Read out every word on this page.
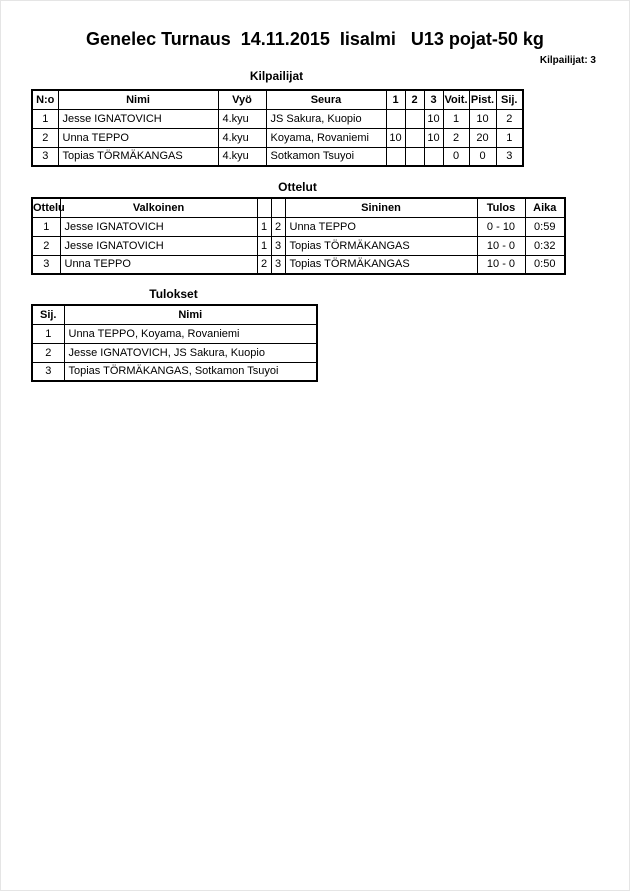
Genelec Turnaus  14.11.2015  Iisalmi   U13 pojat-50 kg
Kilpailijat: 3
Kilpailijat
N:o	Nimi	Vyö	Seura	1	2	3	Voit.	Pist.	Sij.
1	Jesse IGNATOVICH	4.kyu	JS Sakura, Kuopio			10	1	10	2
2	Unna TEPPO	4.kyu	Koyama, Rovaniemi	10		10	2	20	1
3	Topias TÖRMÄKANGAS	4.kyu	Sotkamon Tsuyoi				0	0	3
Ottelut
Ottelu	Valkoinen			Sininen	Tulos	Aika
1	Jesse IGNATOVICH	1	2	Unna TEPPO	0 - 10	0:59
2	Jesse IGNATOVICH	1	3	Topias TÖRMÄKANGAS	10 - 0	0:32
3	Unna TEPPO	2	3	Topias TÖRMÄKANGAS	10 - 0	0:50
Tulokset
Sij.	Nimi
1	Unna TEPPO, Koyama, Rovaniemi
2	Jesse IGNATOVICH, JS Sakura, Kuopio
3	Topias TÖRMÄKANGAS, Sotkamon Tsuyoi
